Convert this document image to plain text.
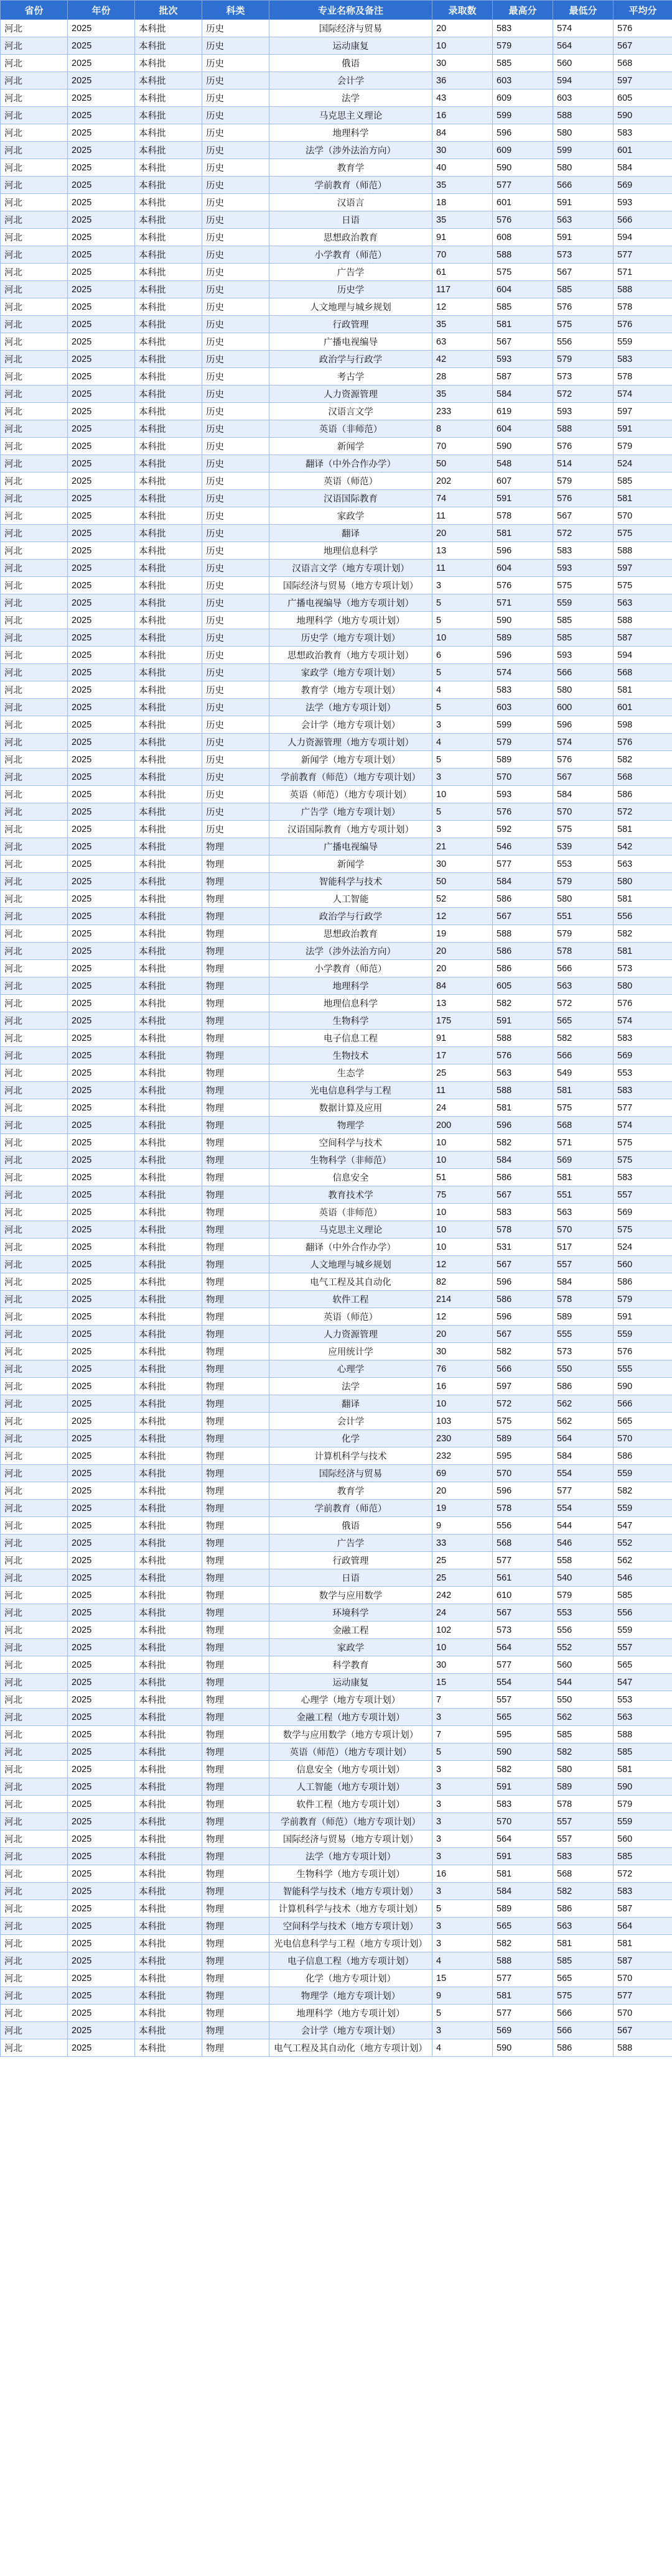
省份	年份	批次	科类	专业名称及备注	录取数	最高分	最低分	平均分
河北	2025	本科批	历史	国际经济与贸易	20	583	574	576
河北	2025	本科批	历史	运动康复	10	579	564	567
河北	2025	本科批	历史	俄语	30	585	560	568
河北	2025	本科批	历史	会计学	36	603	594	597
河北	2025	本科批	历史	法学	43	609	603	605
河北	2025	本科批	历史	马克思主义理论	16	599	588	590
河北	2025	本科批	历史	地理科学	84	596	580	583
河北	2025	本科批	历史	法学（涉外法治方向）	30	609	599	601
河北	2025	本科批	历史	教育学	40	590	580	584
河北	2025	本科批	历史	学前教育（师范）	35	577	566	569
河北	2025	本科批	历史	汉语言	18	601	591	593
河北	2025	本科批	历史	日语	35	576	563	566
河北	2025	本科批	历史	思想政治教育	91	608	591	594
河北	2025	本科批	历史	小学教育（师范）	70	588	573	577
河北	2025	本科批	历史	广告学	61	575	567	571
河北	2025	本科批	历史	历史学	117	604	585	588
河北	2025	本科批	历史	人文地理与城乡规划	12	585	576	578
河北	2025	本科批	历史	行政管理	35	581	575	576
河北	2025	本科批	历史	广播电视编导	63	567	556	559
河北	2025	本科批	历史	政治学与行政学	42	593	579	583
河北	2025	本科批	历史	考古学	28	587	573	578
河北	2025	本科批	历史	人力资源管理	35	584	572	574
河北	2025	本科批	历史	汉语言文学	233	619	593	597
河北	2025	本科批	历史	英语（非师范）	8	604	588	591
河北	2025	本科批	历史	新闻学	70	590	576	579
河北	2025	本科批	历史	翻译（中外合作办学）	50	548	514	524
河北	2025	本科批	历史	英语（师范）	202	607	579	585
河北	2025	本科批	历史	汉语国际教育	74	591	576	581
河北	2025	本科批	历史	家政学	11	578	567	570
河北	2025	本科批	历史	翻译	20	581	572	575
河北	2025	本科批	历史	地理信息科学	13	596	583	588
河北	2025	本科批	历史	汉语言文学（地方专项计划）	11	604	593	597
河北	2025	本科批	历史	国际经济与贸易（地方专项计划）	3	576	575	575
河北	2025	本科批	历史	广播电视编导（地方专项计划）	5	571	559	563
河北	2025	本科批	历史	地理科学（地方专项计划）	5	590	585	588
河北	2025	本科批	历史	历史学（地方专项计划）	10	589	585	587
河北	2025	本科批	历史	思想政治教育（地方专项计划）	6	596	593	594
河北	2025	本科批	历史	家政学（地方专项计划）	5	574	566	568
河北	2025	本科批	历史	教育学（地方专项计划）	4	583	580	581
河北	2025	本科批	历史	法学（地方专项计划）	5	603	600	601
河北	2025	本科批	历史	会计学（地方专项计划）	3	599	596	598
河北	2025	本科批	历史	人力资源管理（地方专项计划）	4	579	574	576
河北	2025	本科批	历史	新闻学（地方专项计划）	5	589	576	582
河北	2025	本科批	历史	学前教育（师范）（地方专项计划）	3	570	567	568
河北	2025	本科批	历史	英语（师范）（地方专项计划）	10	593	584	586
河北	2025	本科批	历史	广告学（地方专项计划）	5	576	570	572
河北	2025	本科批	历史	汉语国际教育（地方专项计划）	3	592	575	581
河北	2025	本科批	物理	广播电视编导	21	546	539	542
河北	2025	本科批	物理	新闻学	30	577	553	563
河北	2025	本科批	物理	智能科学与技术	50	584	579	580
河北	2025	本科批	物理	人工智能	52	586	580	581
河北	2025	本科批	物理	政治学与行政学	12	567	551	556
河北	2025	本科批	物理	思想政治教育	19	588	579	582
河北	2025	本科批	物理	法学（涉外法治方向）	20	586	578	581
河北	2025	本科批	物理	小学教育（师范）	20	586	566	573
河北	2025	本科批	物理	地理科学	84	605	563	580
河北	2025	本科批	物理	地理信息科学	13	582	572	576
河北	2025	本科批	物理	生物科学	175	591	565	574
河北	2025	本科批	物理	电子信息工程	91	588	582	583
河北	2025	本科批	物理	生物技术	17	576	566	569
河北	2025	本科批	物理	生态学	25	563	549	553
河北	2025	本科批	物理	光电信息科学与工程	11	588	581	583
河北	2025	本科批	物理	数据计算及应用	24	581	575	577
河北	2025	本科批	物理	物理学	200	596	568	574
河北	2025	本科批	物理	空间科学与技术	10	582	571	575
河北	2025	本科批	物理	生物科学（非师范）	10	584	569	575
河北	2025	本科批	物理	信息安全	51	586	581	583
河北	2025	本科批	物理	教育技术学	75	567	551	557
河北	2025	本科批	物理	英语（非师范）	10	583	563	569
河北	2025	本科批	物理	马克思主义理论	10	578	570	575
河北	2025	本科批	物理	翻译（中外合作办学）	10	531	517	524
河北	2025	本科批	物理	人文地理与城乡规划	12	567	557	560
河北	2025	本科批	物理	电气工程及其自动化	82	596	584	586
河北	2025	本科批	物理	软件工程	214	586	578	579
河北	2025	本科批	物理	英语（师范）	12	596	589	591
河北	2025	本科批	物理	人力资源管理	20	567	555	559
河北	2025	本科批	物理	应用统计学	30	582	573	576
河北	2025	本科批	物理	心理学	76	566	550	555
河北	2025	本科批	物理	法学	16	597	586	590
河北	2025	本科批	物理	翻译	10	572	562	566
河北	2025	本科批	物理	会计学	103	575	562	565
河北	2025	本科批	物理	化学	230	589	564	570
河北	2025	本科批	物理	计算机科学与技术	232	595	584	586
河北	2025	本科批	物理	国际经济与贸易	69	570	554	559
河北	2025	本科批	物理	教育学	20	596	577	582
河北	2025	本科批	物理	学前教育（师范）	19	578	554	559
河北	2025	本科批	物理	俄语	9	556	544	547
河北	2025	本科批	物理	广告学	33	568	546	552
河北	2025	本科批	物理	行政管理	25	577	558	562
河北	2025	本科批	物理	日语	25	561	540	546
河北	2025	本科批	物理	数学与应用数学	242	610	579	585
河北	2025	本科批	物理	环境科学	24	567	553	556
河北	2025	本科批	物理	金融工程	102	573	556	559
河北	2025	本科批	物理	家政学	10	564	552	557
河北	2025	本科批	物理	科学教育	30	577	560	565
河北	2025	本科批	物理	运动康复	15	554	544	547
河北	2025	本科批	物理	心理学（地方专项计划）	7	557	550	553
河北	2025	本科批	物理	金融工程（地方专项计划）	3	565	562	563
河北	2025	本科批	物理	数学与应用数学（地方专项计划）	7	595	585	588
河北	2025	本科批	物理	英语（师范）（地方专项计划）	5	590	582	585
河北	2025	本科批	物理	信息安全（地方专项计划）	3	582	580	581
河北	2025	本科批	物理	人工智能（地方专项计划）	3	591	589	590
河北	2025	本科批	物理	软件工程（地方专项计划）	3	583	578	579
河北	2025	本科批	物理	学前教育（师范）（地方专项计划）	3	570	557	559
河北	2025	本科批	物理	国际经济与贸易（地方专项计划）	3	564	557	560
河北	2025	本科批	物理	法学（地方专项计划）	3	591	583	585
河北	2025	本科批	物理	生物科学（地方专项计划）	16	581	568	572
河北	2025	本科批	物理	智能科学与技术（地方专项计划）	3	584	582	583
河北	2025	本科批	物理	计算机科学与技术（地方专项计划）	5	589	586	587
河北	2025	本科批	物理	空间科学与技术（地方专项计划）	3	565	563	564
河北	2025	本科批	物理	光电信息科学与工程（地方专项计划）	3	582	581	581
河北	2025	本科批	物理	电子信息工程（地方专项计划）	4	588	585	587
河北	2025	本科批	物理	化学（地方专项计划）	15	577	565	570
河北	2025	本科批	物理	物理学（地方专项计划）	9	581	575	577
河北	2025	本科批	物理	地理科学（地方专项计划）	5	577	566	570
河北	2025	本科批	物理	会计学（地方专项计划）	3	569	566	567
河北	2025	本科批	物理	电气工程及其自动化（地方专项计划）	4	590	586	588
